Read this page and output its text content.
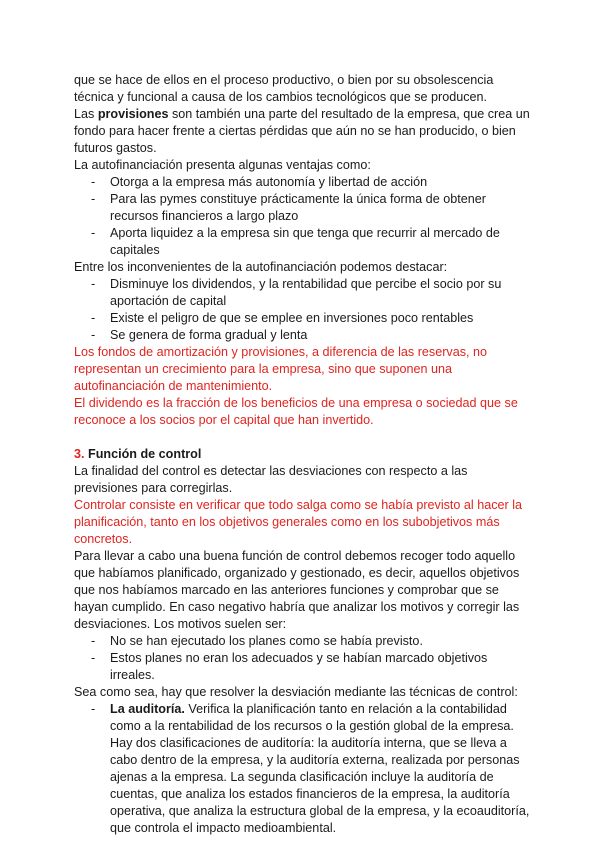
que se hace de ellos en el proceso productivo, o bien por su obsolescencia técnica y funcional a causa de los cambios tecnológicos que se producen.

Las provisiones son también una parte del resultado de la empresa, que crea un fondo para hacer frente a ciertas pérdidas que aún no se han producido, o bien futuros gastos.

La autofinanciación presenta algunas ventajas como:

- Otorga a la empresa más autonomía y libertad de acción
- Para las pymes constituye prácticamente la única forma de obtener recursos financieros a largo plazo
- Aporta liquidez a la empresa sin que tenga que recurrir al mercado de capitales

Entre los inconvenientes de la autofinanciación podemos destacar:

- Disminuye los dividendos, y la rentabilidad que percibe el socio por su aportación de capital
- Existe el peligro de que se emplee en inversiones poco rentables
- Se genera de forma gradual y lenta

Los fondos de amortización y provisiones, a diferencia de las reservas, no representan un crecimiento para la empresa, sino que suponen una autofinanciación de mantenimiento.

El dividendo es la fracción de los beneficios de una empresa o sociedad que se reconoce a los socios por el capital que han invertido.

3. Función de control

La finalidad del control es detectar las desviaciones con respecto a las previsiones para corregirlas.

Controlar consiste en verificar que todo salga como se había previsto al hacer la planificación, tanto en los objetivos generales como en los subobjetivos más concretos.

Para llevar a cabo una buena función de control debemos recoger todo aquello que habíamos planificado, organizado y gestionado, es decir, aquellos objetivos que nos habíamos marcado en las anteriores funciones y comprobar que se hayan cumplido. En caso negativo habría que analizar los motivos y corregir las desviaciones. Los motivos suelen ser:

- No se han ejecutado los planes como se había previsto.
- Estos planes no eran los adecuados y se habían marcado objetivos irreales.

Sea como sea, hay que resolver la desviación mediante las técnicas de control:

- La auditoría. Verifica la planificación tanto en relación a la contabilidad como a la rentabilidad de los recursos o la gestión global de la empresa.
Hay dos clasificaciones de auditoría: la auditoría interna, que se lleva a cabo dentro de la empresa, y la auditoría externa, realizada por personas ajenas a la empresa. La segunda clasificación incluye la auditoría de cuentas, que analiza los estados financieros de la empresa, la auditoría operativa, que analiza la estructura global de la empresa, y la ecoauditoría, que controla el impacto medioambiental.
